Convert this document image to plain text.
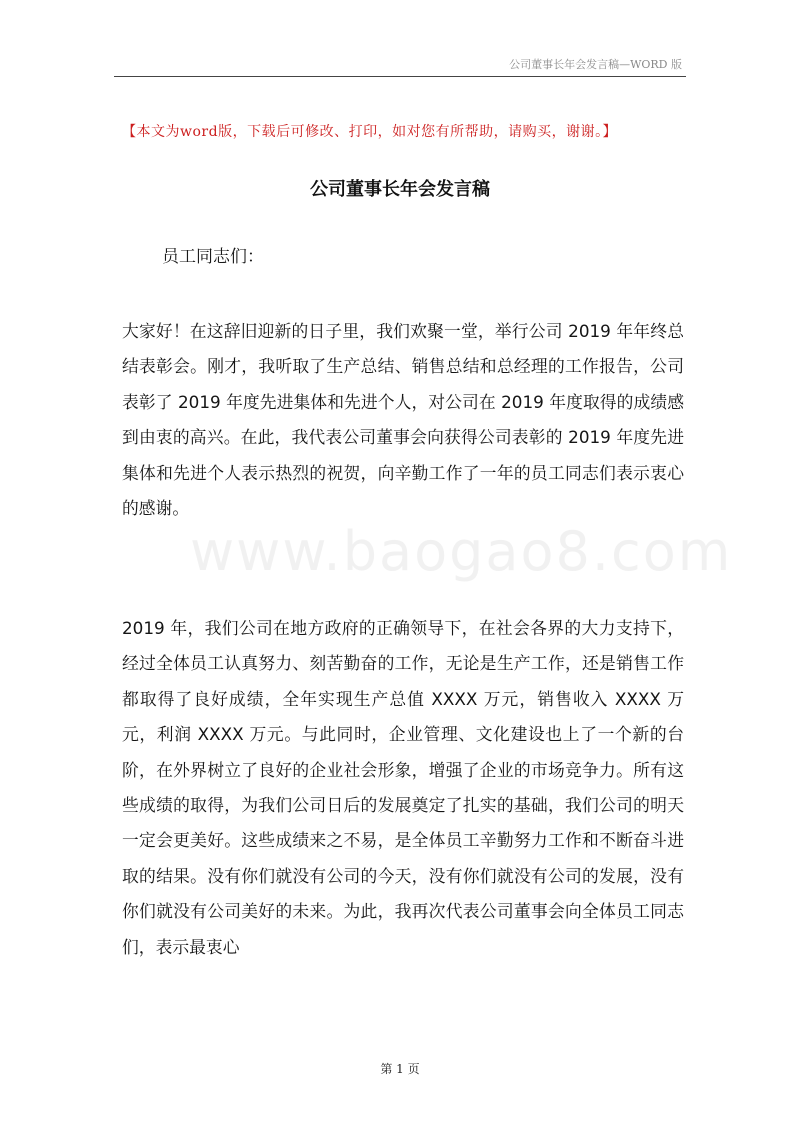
公司董事长年会发言稿—WORD 版
【本文为word版，下载后可修改、打印，如对您有所帮助，请购买，谢谢。】
公司董事长年会发言稿
员工同志们：
大家好！在这辞旧迎新的日子里，我们欢聚一堂，举行公司 2019 年年终总结表彰会。刚才，我听取了生产总结、销售总结和总经理的工作报告，公司表彰了 2019 年度先进集体和先进个人，对公司在 2019 年度取得的成绩感到由衷的高兴。在此，我代表公司董事会向获得公司表彰的 2019 年度先进集体和先进个人表示热烈的祝贺，向辛勤工作了一年的员工同志们表示衷心的感谢。
www.baogao8.com
2019 年，我们公司在地方政府的正确领导下，在社会各界的大力支持下，经过全体员工认真努力、刻苦勤奋的工作，无论是生产工作，还是销售工作都取得了良好成绩，全年实现生产总值 XXXX 万元，销售收入 XXXX 万元，利润 XXXX 万元。与此同时，企业管理、文化建设也上了一个新的台阶，在外界树立了良好的企业社会形象，增强了企业的市场竞争力。所有这些成绩的取得，为我们公司日后的发展奠定了扎实的基础，我们公司的明天一定会更美好。这些成绩来之不易，是全体员工辛勤努力工作和不断奋斗进取的结果。没有你们就没有公司的今天，没有你们就没有公司的发展，没有你们就没有公司美好的未来。为此，我再次代表公司董事会向全体员工同志们，表示最衷心
第 1 页
